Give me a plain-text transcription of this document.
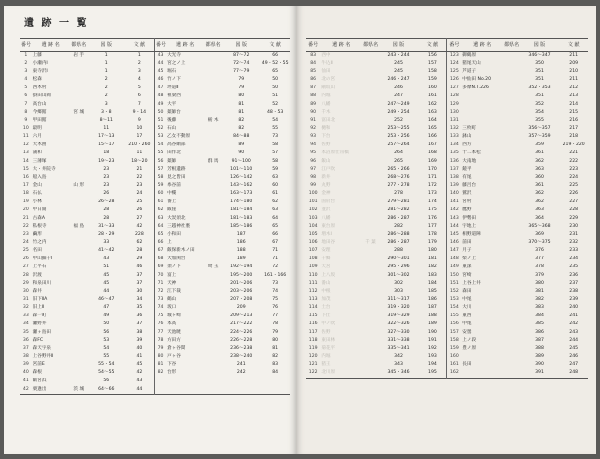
遺 跡 一 覧
番号	遺 跡 名	都県名	図 版	文 献	番号	遺 跡 名	都県名	図 版	文 献
1	上藤	岩 手	1	1	43	大光寺		87～72	66
2	小瀬内Ⅰ		1	2	44	宮之ノ上		72～74	49・52・55
3	東寺沢Ⅰ		1	3	45	堀石		77～79	65
4	松森		2	4	46	竹ノ下		79	50
5	西木村		2	5	47	坪道Ⅱ		79	50
6	掛田山岡		2	6	48	祖梁西		80	51
7	高台山		3	7	49	大平		81	52
8	今郷館	宮 城	3・8	9・14	50	薬師台		81	48・53
9	甲田館		8～11	9	51	後藤	栃 木	82	54
10	最明		11	10	52	石山		82	55
11	六月		17～13	17	53	乙女不動原		84～88	73
12	大木囲		15～17	210・260	54	高谷網部		89	58
13	蒲和		18	11	55	田作北		90	57
14	三薄塚		19～23	18～20	56	薬師	群 馬	91～100	58
15	大・井院寺		23	21	57	芳根遺跡		101～110	59
16	船入島		23	22	58	見之皆田		126～142	63
17	金山	山 形	23	23	59	糸谷前		143～162	60
18	石仏		26	24	60	中樓		163～173	61
19	小林		26～28	25	61	番上		174～180	62
20	中日開		28	26	62	飯窪		181～184	63
21	古森A		28	27	63	大炭須北		181～183	64
22	私根寺	福 島	31～33	42	64	三越神社裏		185～186	65
23	繭形		28・29	228	65	小和田		187	66
24	竹之内		33	62	66	上		186	67
25	名田		41～42	28	67	飯保新木ノ田		188	71
26	中山細干Ⅰ		43	29	68	大加関台		189	71
27	上平石		51	46	69	須ノ下	埼 玉	192～194	72
28	沢渡		45	37	70	富上		195～200	161・166
29	和泉田川		45	37	71	天神		201～206	73
30	森井		44	30	72	江下裁		203～206	74
31	旧下ⅡA		46～47	34	73	鶴山		207・208	75
32	旧上Ⅱ		47	35	74	坂口		209	76
33	森一町		49	36	75	城ヶ崎		209～213	77
34	瀬野井		50	37	76	本高		217～222	78
35	瀬ヶ島田		56	38	77	天池暁		224～226	79
36	森FC		53	39	78	方田方		226～228	80
37	森天字泉		54	40	79	倉ヶ谷間		236～238	81
38	上谷野井Ⅱ		55	41	80	戸ヶ谷		238～240	82
39	宮前E		55・54	45	81	下谷		241	83
40	森根		54～55	42	82	台形		242	84
41	飯宮浜		56	43					
42	栗逢出	茨 城	64～66	44					
番号	遺 跡 名	都県名	図 版	文 献	番号	遺 跡 名	都県名	図 版	文 献
83	西中		243・244	156	123	御鶴原		346～347	211
84	牛込Ⅱ		245	157	124	猪尾天山		350	209
85	仙田		245	158	125	芦道子		351	210
86	北の宮		246・247	159	126	中仙田 No.20		351	211
87	剛坂山		246	160	127	多摩N.T.226		352・353	212
88	内堀		247	161	128			351	213
89	八幡		247～249	162	129			352	214
90	千木		249・254	163	130			354	215
91	富田北		252	164	131			355	216
92	樋和		253～255	165	132	三枚町		356～357	217
93	下台		253・256	166	133	鉢山		357～359	218
94	佐野		257～264	167	134	西方		359	219・220
95	本沼原仕吊橋		264	168	135	十二本松		361	221
96	飯山		265	169	136	大南地		362	222
97	江戸吹		265・266	170	137	鏡平		363	223
98	新井		268～276	171	138	有尾		360	224
99	丸野		277・278	172	139	藤呂台		361	225
100	金神		278	173	140	鷲沢		362	226
101	国府台		279～281	174	141	宮村		362	227
102	並沢		281～282	175	142	鷹野		363	228
103	八幡		286・287	176	143	伊勢田		364	229
104	東台原		282	177	144	宇地上		365～368	230
105	増木Ⅰ		286～288	178	145	相野道陣		369	231
106	地田谷	千 葉	286・287	179	146	前田		370～375	232
107	安理		288	180	147	月子		376	233
108	千郷		290～301	181	148	柴ノ上		377	234
109	天宮		295・296	182	149	東深		378	235
110	上八坂		301～302	183	150	宮崎		379	236
111	番山		302	184	151	上谷上井		380	237
112	中根		303	185	152	森田		381	238
113	加茂		311～317	186	153	中尾		382	239
114	土台		319・320	187	154	大川		383	240
115	下仕		319～329	188	155	東西		384	241
116	中ノ吹		322～326	189	156	中尾		385	242
117	佐野		327～330	190	157	安曇		386	243
118	東田林		331～338	191	158	上ノ段		387	244
119	菊花平		335～341	192	159	豊ノ原		388	245
120	内堀		342	193	160			389	246
121	猪王		343	194	161	長田		390	247
122	北川原		345・346	195	162			391	248
